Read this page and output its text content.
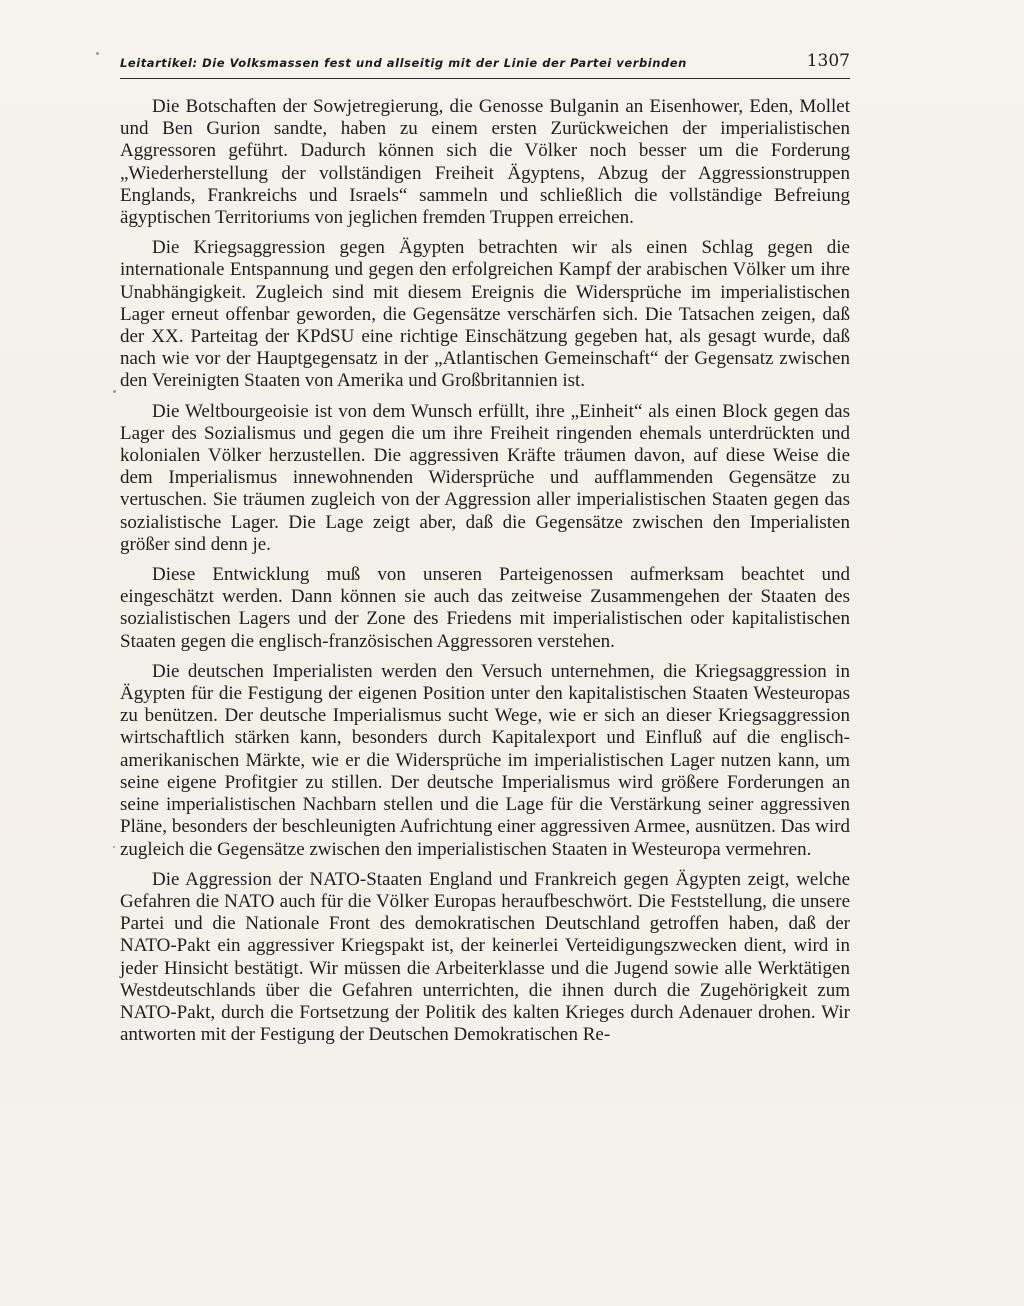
Leitartikel: Die Volksmassen fest und allseitig mit der Linie der Partei verbinden	1307

Die Botschaften der Sowjetregierung, die Genosse Bulganin an Eisenhower, Eden, Mollet und Ben Gurion sandte, haben zu einem ersten Zurückweichen der imperialistischen Aggressoren geführt. Dadurch können sich die Völker noch besser um die Forderung „Wiederherstellung der vollständigen Freiheit Ägyptens, Abzug der Aggressionstruppen Englands, Frankreichs und Israels“ sammeln und schließlich die vollständige Befreiung ägyptischen Territoriums von jeglichen fremden Truppen erreichen.

Die Kriegsaggression gegen Ägypten betrachten wir als einen Schlag gegen die internationale Entspannung und gegen den erfolgreichen Kampf der arabischen Völker um ihre Unabhängigkeit. Zugleich sind mit diesem Ereignis die Widersprüche im imperialistischen Lager erneut offenbar geworden, die Gegensätze verschärfen sich. Die Tatsachen zeigen, daß der XX. Parteitag der KPdSU eine richtige Einschätzung gegeben hat, als gesagt wurde, daß nach wie vor der Hauptgegensatz in der „Atlantischen Gemeinschaft“ der Gegensatz zwischen den Vereinigten Staaten von Amerika und Großbritannien ist.

Die Weltbourgeoisie ist von dem Wunsch erfüllt, ihre „Einheit“ als einen Block gegen das Lager des Sozialismus und gegen die um ihre Freiheit ringenden ehemals unterdrückten und kolonialen Völker herzustellen. Die aggressiven Kräfte träumen davon, auf diese Weise die dem Imperialismus innewohnenden Widersprüche und aufflammenden Gegensätze zu vertuschen. Sie träumen zugleich von der Aggression aller imperialistischen Staaten gegen das sozialistische Lager. Die Lage zeigt aber, daß die Gegensätze zwischen den Imperialisten größer sind denn je.

Diese Entwicklung muß von unseren Parteigenossen aufmerksam beachtet und eingeschätzt werden. Dann können sie auch das zeitweise Zusammengehen der Staaten des sozialistischen Lagers und der Zone des Friedens mit imperialistischen oder kapitalistischen Staaten gegen die englisch-französischen Aggressoren verstehen.

Die deutschen Imperialisten werden den Versuch unternehmen, die Kriegsaggression in Ägypten für die Festigung der eigenen Position unter den kapitalistischen Staaten Westeuropas zu benützen. Der deutsche Imperialismus sucht Wege, wie er sich an dieser Kriegsaggression wirtschaftlich stärken kann, besonders durch Kapitalexport und Einfluß auf die englisch-amerikanischen Märkte, wie er die Widersprüche im imperialistischen Lager nutzen kann, um seine eigene Profitgier zu stillen. Der deutsche Imperialismus wird größere Forderungen an seine imperialistischen Nachbarn stellen und die Lage für die Verstärkung seiner aggressiven Pläne, besonders der beschleunigten Aufrichtung einer aggressiven Armee, ausnützen. Das wird zugleich die Gegensätze zwischen den imperialistischen Staaten in Westeuropa vermehren.

Die Aggression der NATO-Staaten England und Frankreich gegen Ägypten zeigt, welche Gefahren die NATO auch für die Völker Europas heraufbeschwört. Die Feststellung, die unsere Partei und die Nationale Front des demokratischen Deutschland getroffen haben, daß der NATO-Pakt ein aggressiver Kriegspakt ist, der keinerlei Verteidigungszwecken dient, wird in jeder Hinsicht bestätigt. Wir müssen die Arbeiterklasse und die Jugend sowie alle Werktätigen Westdeutschlands über die Gefahren unterrichten, die ihnen durch die Zugehörigkeit zum NATO-Pakt, durch die Fortsetzung der Politik des kalten Krieges durch Adenauer drohen. Wir antworten mit der Festigung der Deutschen Demokratischen Re-
